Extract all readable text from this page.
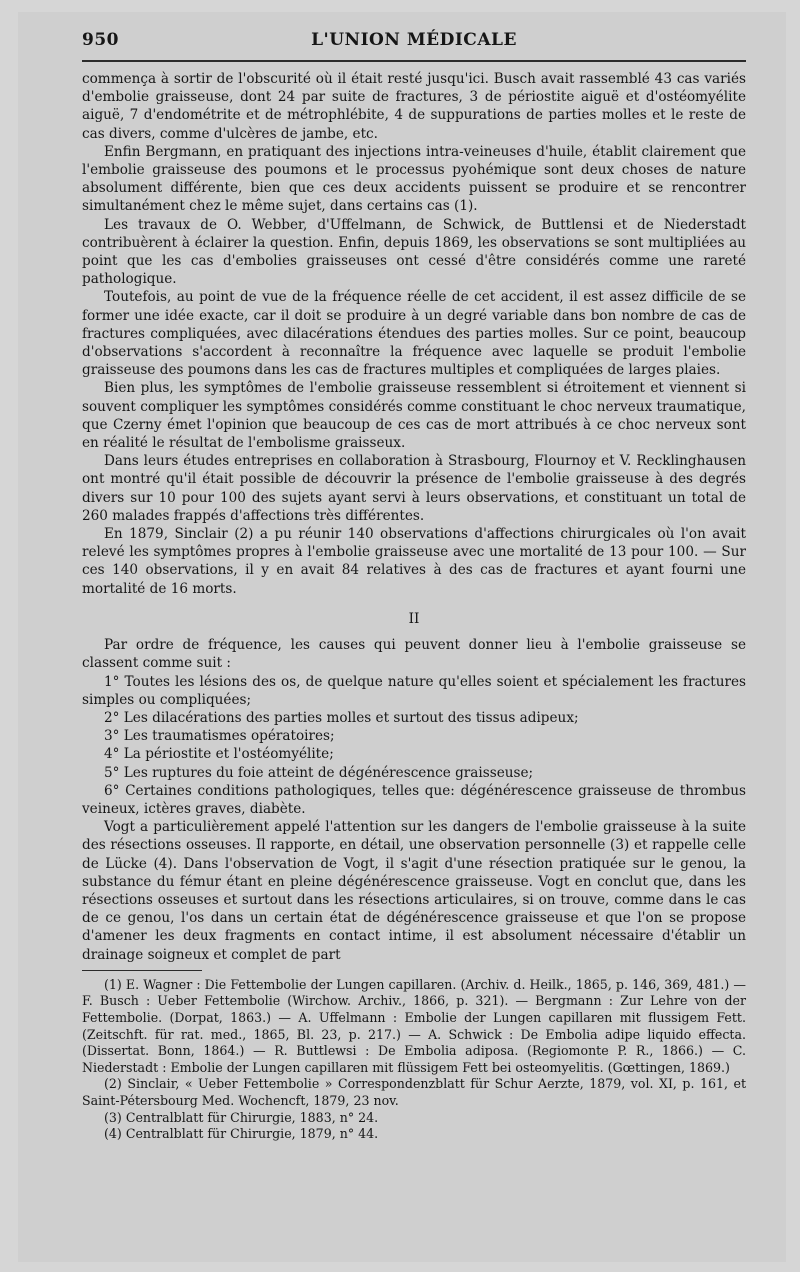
950	L'UNION MÉDICALE

commença à sortir de l'obscurité où il était resté jusqu'ici. Busch avait rassemblé 43 cas variés d'embolie graisseuse, dont 24 par suite de fractures, 3 de périostite aiguë et d'ostéomyélite aiguë, 7 d'endométrite et de métrophlébite, 4 de suppurations de parties molles et le reste de cas divers, comme d'ulcères de jambe, etc.

Enfin Bergmann, en pratiquant des injections intra-veineuses d'huile, établit clairement que l'embolie graisseuse des poumons et le processus pyohémique sont deux choses de nature absolument différente, bien que ces deux accidents puissent se produire et se rencontrer simultanément chez le même sujet, dans certains cas (1).

Les travaux de O. Webber, d'Uffelmann, de Schwick, de Buttlensi et de Niederstadt contribuèrent à éclairer la question. Enfin, depuis 1869, les observations se sont multipliées au point que les cas d'embolies graisseuses ont cessé d'être considérés comme une rareté pathologique.

Toutefois, au point de vue de la fréquence réelle de cet accident, il est assez difficile de se former une idée exacte, car il doit se produire à un degré variable dans bon nombre de cas de fractures compliquées, avec dilacérations étendues des parties molles. Sur ce point, beaucoup d'observations s'accordent à reconnaître la fréquence avec laquelle se produit l'embolie graisseuse des poumons dans les cas de fractures multiples et compliquées de larges plaies.

Bien plus, les symptômes de l'embolie graisseuse ressemblent si étroitement et viennent si souvent compliquer les symptômes considérés comme constituant le choc nerveux traumatique, que Czerny émet l'opinion que beaucoup de ces cas de mort attribués à ce choc nerveux sont en réalité le résultat de l'embolisme graisseux.

Dans leurs études entreprises en collaboration à Strasbourg, Flournoy et V. Recklinghausen ont montré qu'il était possible de découvrir la présence de l'embolie graisseuse à des degrés divers sur 10 pour 100 des sujets ayant servi à leurs observations, et constituant un total de 260 malades frappés d'affections très différentes.

En 1879, Sinclair (2) a pu réunir 140 observations d'affections chirurgicales où l'on avait relevé les symptômes propres à l'embolie graisseuse avec une mortalité de 13 pour 100. — Sur ces 140 observations, il y en avait 84 relatives à des cas de fractures et ayant fourni une mortalité de 16 morts.

II

Par ordre de fréquence, les causes qui peuvent donner lieu à l'embolie graisseuse se classent comme suit :

1° Toutes les lésions des os, de quelque nature qu'elles soient et spécialement les fractures simples ou compliquées;

2° Les dilacérations des parties molles et surtout des tissus adipeux;

3° Les traumatismes opératoires;

4° La périostite et l'ostéomyélite;

5° Les ruptures du foie atteint de dégénérescence graisseuse;

6° Certaines conditions pathologiques, telles que: dégénérescence graisseuse de thrombus veineux, ictères graves, diabète.

Vogt a particulièrement appelé l'attention sur les dangers de l'embolie graisseuse à la suite des résections osseuses. Il rapporte, en détail, une observation personnelle (3) et rappelle celle de Lücke (4). Dans l'observation de Vogt, il s'agit d'une résection pratiquée sur le genou, la substance du fémur étant en pleine dégénérescence graisseuse. Vogt en conclut que, dans les résections osseuses et surtout dans les résections articulaires, si on trouve, comme dans le cas de ce genou, l'os dans un certain état de dégénérescence graisseuse et que l'on se propose d'amener les deux fragments en contact intime, il est absolument nécessaire d'établir un drainage soigneux et complet de part

(1) E. Wagner : Die Fettembolie der Lungen capillaren. (Archiv. d. Heilk., 1865, p. 146, 369, 481.) — F. Busch : Ueber Fettembolie (Wirchow. Archiv., 1866, p. 321). — Bergmann : Zur Lehre von der Fettembolie. (Dorpat, 1863.) — A. Uffelmann : Embolie der Lungen capillaren mit flussigem Fett. (Zeitschft. für rat. med., 1865, Bl. 23, p. 217.) — A. Schwick : De Embolia adipe liquido effecta. (Dissertat. Bonn, 1864.) — R. Buttlewsi : De Embolia adiposa. (Regiomonte P. R., 1866.) — C. Niederstadt : Embolie der Lungen capillaren mit flüssigem Fett bei osteomyelitis. (Gœttingen, 1869.)

(2) Sinclair, « Ueber Fettembolie » Correspondenzblatt für Schur Aerzte, 1879, vol. XI, p. 161, et Saint-Pétersbourg Med. Wochencft, 1879, 23 nov.

(3) Centralblatt für Chirurgie, 1883, n° 24.

(4) Centralblatt für Chirurgie, 1879, n° 44.
